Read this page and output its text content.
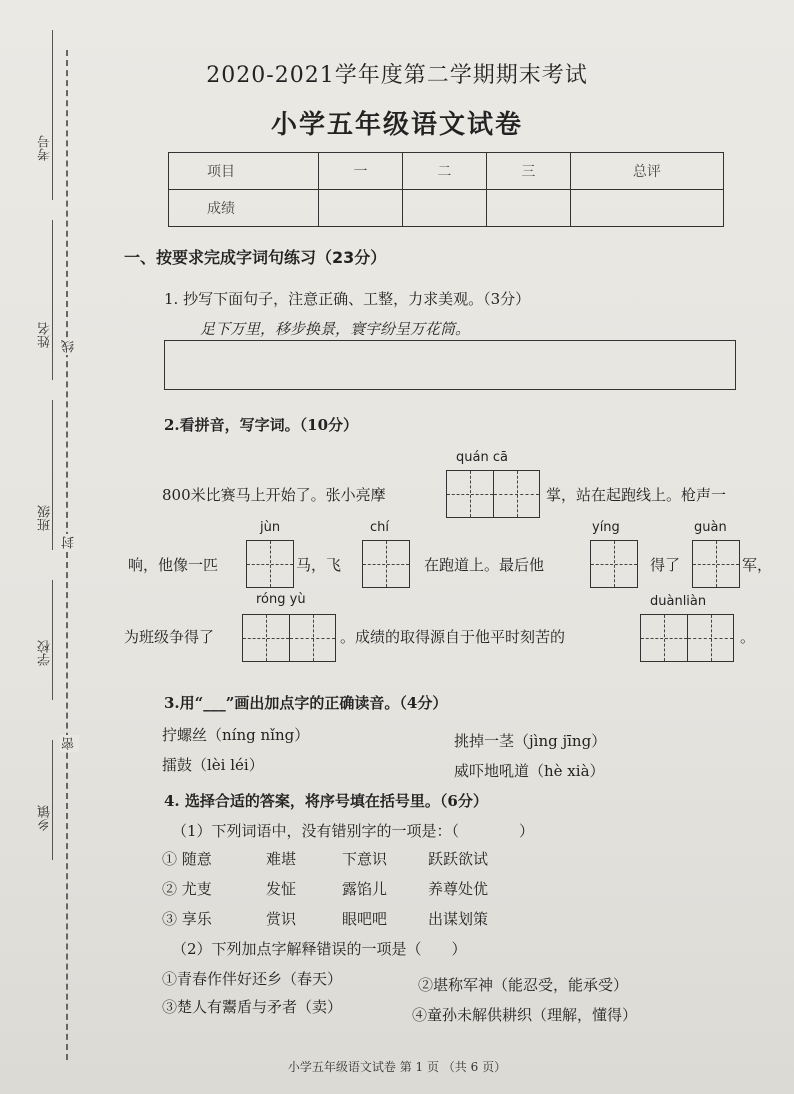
考号
姓名 线
班级
封
学校
密
乡镇
2020-2021学年度第二学期期末考试
小学五年级语文试卷
项目	一	二	三	总评
成绩				
一、按要求完成字词句练习（23分）
1. 抄写下面句子，注意正确、工整，力求美观。（3分）
足下万里，移步换景，寰宇纷呈万花筒。
2.看拼音，写字词。（10分）
quán cā
800米比赛马上开始了。张小亮摩	掌，站在起跑线上。枪声一
jùn	chí	yíng	guàn
响，他像一匹	马，飞	在跑道上。最后他	得了	军，
róng yù	duànliàn
为班级争得了	。成绩的取得源自于他平时刻苦的	。
3.用“___”画出加点字的正确读音。（4分）
拧螺丝（níng nǐng）	挑掉一茎（jìng jīng）
擂鼓（lèi léi）	威吓地吼道（hè xià）
4. 选择合适的答案，将序号填在括号里。（6分）
（1）下列词语中，没有错别字的一项是：（　　　　）
① 随意	难堪	下意识	跃跃欲试
② 尤叓	发怔	露馅儿	养尊处优
③ 享乐	赏识	眼吧吧	出谋划策
（2）下列加点字解释错误的一项是（　　）
①青春作伴好还乡（春天）	②堪称军神（能忍受，能承受）
③楚人有鬻盾与矛者（卖）	④童孙未解供耕织（理解，懂得）
小学五年级语文试卷 第 1 页 （共 6 页）
